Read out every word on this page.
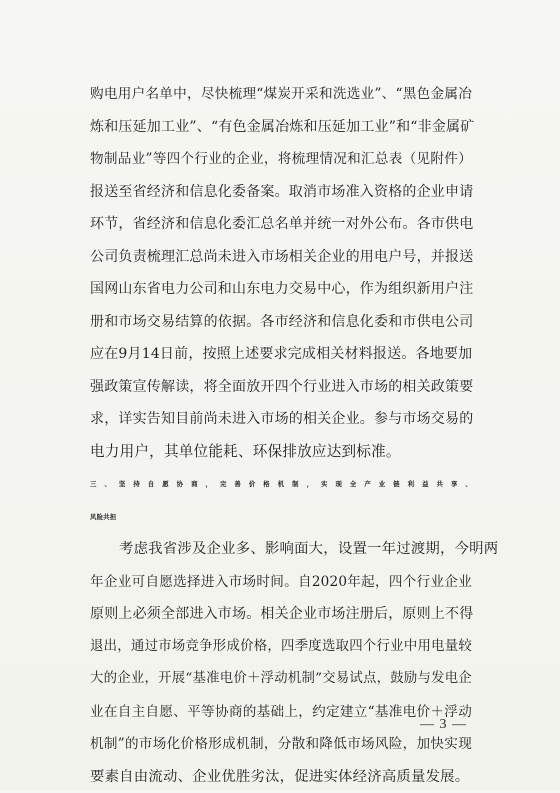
购电用户名单中，尽快梳理“煤炭开采和洗选业”、“黑色金属冶
炼和压延加工业”、“有色金属冶炼和压延加工业”和“非金属矿
物制品业”等四个行业的企业，将梳理情况和汇总表（见附件）
报送至省经济和信息化委备案。取消市场准入资格的企业申请
环节，省经济和信息化委汇总名单并统一对外公布。各市供电
公司负责梳理汇总尚未进入市场相关企业的用电户号，并报送
国网山东省电力公司和山东电力交易中心，作为组织新用户注
册和市场交易结算的依据。各市经济和信息化委和市供电公司
应在9月14日前，按照上述要求完成相关材料报送。各地要加
强政策宣传解读，将全面放开四个行业进入市场的相关政策要
求，详实告知目前尚未进入市场的相关企业。参与市场交易的
电力用户，其单位能耗、环保排放应达到标准。
三、坚持自愿协商，完善价格机制，实现全产业链利益共享、
风险共担
考虑我省涉及企业多、影响面大，设置一年过渡期，今明两
年企业可自愿选择进入市场时间。自2020年起，四个行业企业
原则上必须全部进入市场。相关企业市场注册后，原则上不得
退出，通过市场竞争形成价格，四季度选取四个行业中用电量较
大的企业，开展“基准电价＋浮动机制”交易试点，鼓励与发电企
业在自主自愿、平等协商的基础上，约定建立“基准电价＋浮动
机制”的市场化价格形成机制，分散和降低市场风险，加快实现
要素自由流动、企业优胜劣汰，促进实体经济高质量发展。
— 3 —
